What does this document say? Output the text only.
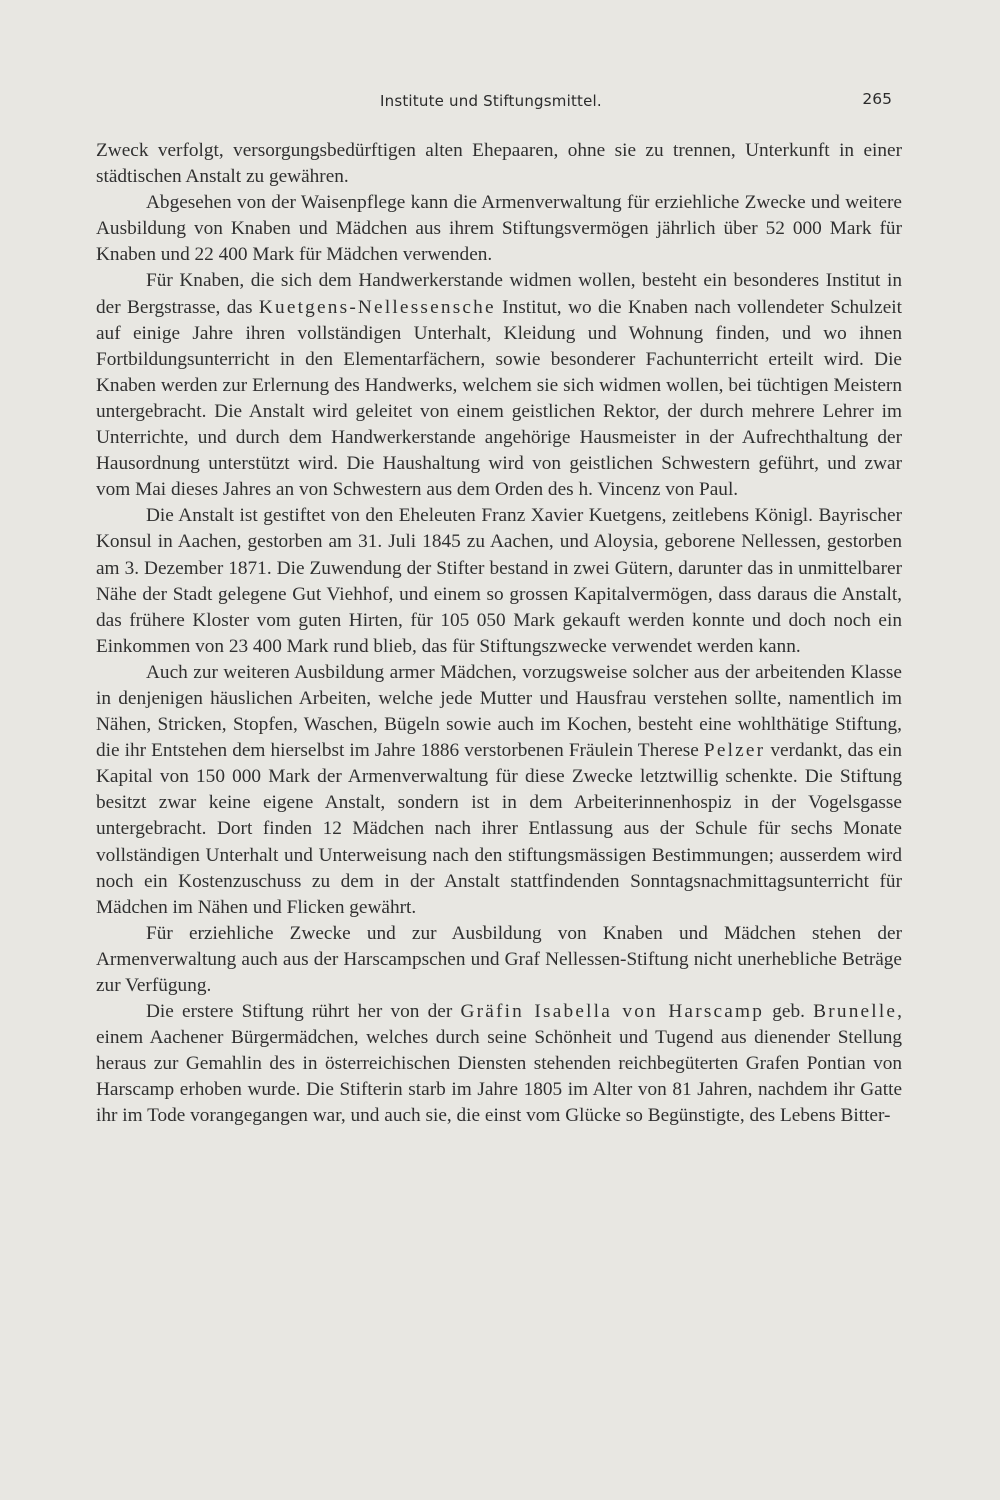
Institute und Stiftungsmittel.	265

Zweck verfolgt, versorgungsbedürftigen alten Ehepaaren, ohne sie zu trennen, Unterkunft in einer städtischen Anstalt zu gewähren.

Abgesehen von der Waisenpflege kann die Armenverwaltung für erziehliche Zwecke und weitere Ausbildung von Knaben und Mädchen aus ihrem Stiftungsvermögen jährlich über 52 000 Mark für Knaben und 22 400 Mark für Mädchen verwenden.

Für Knaben, die sich dem Handwerkerstande widmen wollen, besteht ein besonderes Institut in der Bergstrasse, das Kuetgens-Nellessensche Institut, wo die Knaben nach vollendeter Schulzeit auf einige Jahre ihren vollständigen Unterhalt, Kleidung und Wohnung finden, und wo ihnen Fortbildungsunterricht in den Elementarfächern, sowie besonderer Fachunterricht erteilt wird. Die Knaben werden zur Erlernung des Handwerks, welchem sie sich widmen wollen, bei tüchtigen Meistern untergebracht. Die Anstalt wird geleitet von einem geistlichen Rektor, der durch mehrere Lehrer im Unterrichte, und durch dem Handwerkerstande angehörige Hausmeister in der Aufrechthaltung der Hausordnung unterstützt wird. Die Haushaltung wird von geistlichen Schwestern geführt, und zwar vom Mai dieses Jahres an von Schwestern aus dem Orden des h. Vincenz von Paul.

Die Anstalt ist gestiftet von den Eheleuten Franz Xavier Kuetgens, zeitlebens Königl. Bayrischer Konsul in Aachen, gestorben am 31. Juli 1845 zu Aachen, und Aloysia, geborene Nellessen, gestorben am 3. Dezember 1871. Die Zuwendung der Stifter bestand in zwei Gütern, darunter das in unmittelbarer Nähe der Stadt gelegene Gut Viehhof, und einem so grossen Kapitalvermögen, dass daraus die Anstalt, das frühere Kloster vom guten Hirten, für 105 050 Mark gekauft werden konnte und doch noch ein Einkommen von 23 400 Mark rund blieb, das für Stiftungszwecke verwendet werden kann.

Auch zur weiteren Ausbildung armer Mädchen, vorzugsweise solcher aus der arbeitenden Klasse in denjenigen häuslichen Arbeiten, welche jede Mutter und Hausfrau verstehen sollte, namentlich im Nähen, Stricken, Stopfen, Waschen, Bügeln sowie auch im Kochen, besteht eine wohlthätige Stiftung, die ihr Entstehen dem hierselbst im Jahre 1886 verstorbenen Fräulein Therese Pelzer verdankt, das ein Kapital von 150 000 Mark der Armenverwaltung für diese Zwecke letztwillig schenkte. Die Stiftung besitzt zwar keine eigene Anstalt, sondern ist in dem Arbeiterinnenhospiz in der Vogelsgasse untergebracht. Dort finden 12 Mädchen nach ihrer Entlassung aus der Schule für sechs Monate vollständigen Unterhalt und Unterweisung nach den stiftungsmässigen Bestimmungen; ausserdem wird noch ein Kostenzuschuss zu dem in der Anstalt stattfindenden Sonntagsnachmittagsunterricht für Mädchen im Nähen und Flicken gewährt.

Für erziehliche Zwecke und zur Ausbildung von Knaben und Mädchen stehen der Armenverwaltung auch aus der Harscampschen und Graf Nellessen-Stiftung nicht unerhebliche Beträge zur Verfügung.

Die erstere Stiftung rührt her von der Gräfin Isabella von Harscamp geb. Brunelle, einem Aachener Bürgermädchen, welches durch seine Schönheit und Tugend aus dienender Stellung heraus zur Gemahlin des in österreichischen Diensten stehenden reichbegüterten Grafen Pontian von Harscamp erhoben wurde. Die Stifterin starb im Jahre 1805 im Alter von 81 Jahren, nachdem ihr Gatte ihr im Tode vorangegangen war, und auch sie, die einst vom Glücke so Begünstigte, des Lebens Bitter-
